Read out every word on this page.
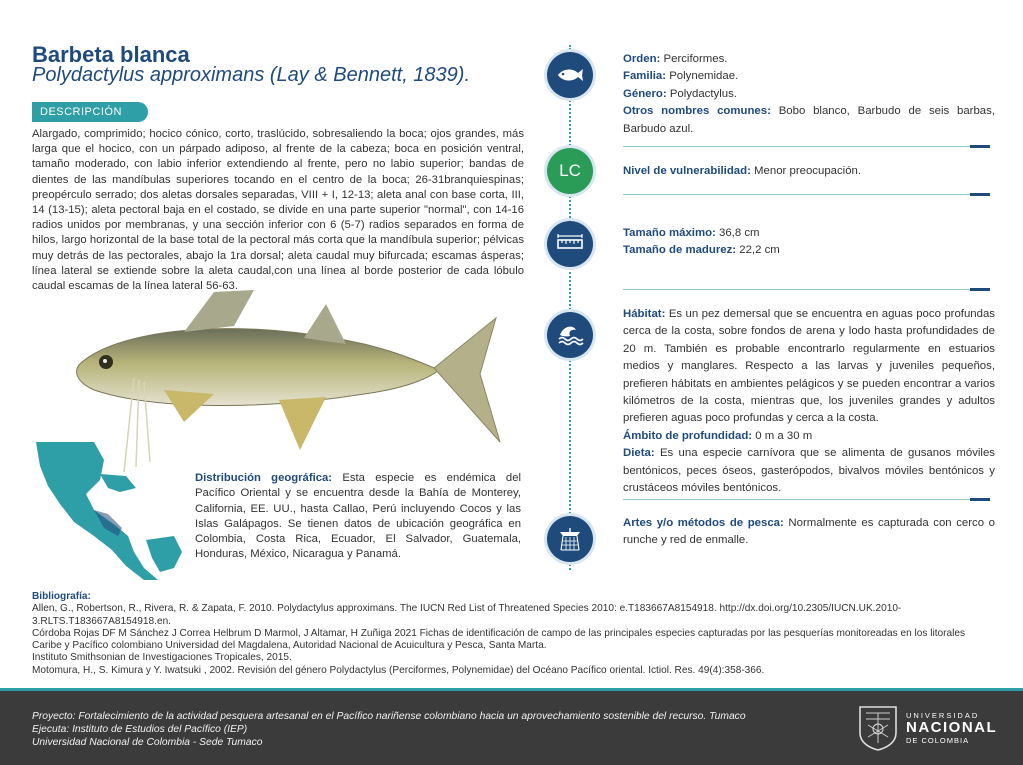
Barbeta blanca
Polydactylus approximans (Lay & Bennett, 1839).
DESCRIPCIÓN
Alargado, comprimido; hocico cónico, corto, traslúcido, sobresaliendo la boca; ojos grandes, más larga que el hocico, con un párpado adiposo, al frente de la cabeza; boca en posición ventral, tamaño moderado, con labio inferior extendiendo al frente, pero no labio superior; bandas de dientes de las mandíbulas superiores tocando en el centro de la boca; 26-31branquiespinas; preopérculo serrado; dos aletas dorsales separadas, VIII + I, 12-13; aleta anal con base corta, III, 14 (13-15); aleta pectoral baja en el costado, se divide en una parte superior "normal", con 14-16 radios unidos por membranas, y una sección inferior con 6 (5-7) radios separados en forma de hilos, largo horizontal de la base total de la pectoral más corta que la mandíbula superior; pélvicas muy detrás de las pectorales, abajo la 1ra dorsal; aleta caudal muy bifurcada; escamas ásperas; línea lateral se extiende sobre la aleta caudal,con una línea al borde posterior de cada lóbulo caudal escamas de la línea lateral 56-63.
Distribución geográfica: Esta especie es endémica del Pacífico Oriental y se encuentra desde la Bahía de Monterey, California, EE. UU., hasta Callao, Perú incluyendo Cocos y las Islas Galápagos. Se tienen datos de ubicación geográfica en Colombia, Costa Rica, Ecuador, El Salvador, Guatemala, Honduras, México, Nicaragua y Panamá.
LC
Orden: Perciformes.
Familia: Polynemidae.
Género: Polydactylus.
Otros nombres comunes: Bobo blanco, Barbudo de seis barbas, Barbudo azul.
Nivel de vulnerabilidad: Menor preocupación.
Tamaño máximo: 36,8 cm
Tamaño de madurez: 22,2 cm
Hábitat: Es un pez demersal que se encuentra en aguas poco profundas cerca de la costa, sobre fondos de arena y lodo hasta profundidades de 20 m. También es probable encontrarlo regularmente en estuarios medios y manglares. Respecto a las larvas y juveniles pequeños, prefieren hábitats en ambientes pelágicos y se pueden encontrar a varios kilómetros de la costa, mientras que, los juveniles grandes y adultos prefieren aguas poco profundas y cerca a la costa.
Ámbito de profundidad: 0 m a 30 m
Dieta: Es una especie carnívora que se alimenta de gusanos móviles bentónicos, peces óseos, gasterópodos, bivalvos móviles bentónicos y crustáceos móviles bentónicos.
Artes y/o métodos de pesca: Normalmente es capturada con cerco o runche y red de enmalle.
Bibliografía:
Allen, G., Robertson, R., Rivera, R. & Zapata, F. 2010. Polydactylus approximans. The IUCN Red List of Threatened Species 2010: e.T183667A8154918. http://dx.doi.org/10.2305/IUCN.UK.2010-3.RLTS.T183667A8154918.en.
Córdoba Rojas DF M Sánchez J Correa Helbrum D Marmol, J Altamar, H Zuñiga 2021 Fichas de identificación de campo de las principales especies capturadas por las pesquerías monitoreadas en los litorales Caribe y Pacífico colombiano Universidad del Magdalena, Autoridad Nacional de Acuicultura y Pesca, Santa Marta.
Instituto Smithsonian de Investigaciones Tropicales, 2015.
Motomura, H., S. Kimura y Y. Iwatsuki , 2002. Revisión del género Polydactylus (Perciformes, Polynemidae) del Océano Pacífico oriental. Ictiol. Res. 49(4):358-366.
Proyecto: Fortalecimiento de la actividad pesquera artesanal en el Pacífico nariñense colombiano hacia un aprovechamiento sostenible del recurso. Tumaco
Ejecuta: Instituto de Estudios del Pacífico (IEP)
Universidad Nacional de Colombia - Sede Tumaco
UNIVERSIDAD
NACIONAL
DE COLOMBIA
